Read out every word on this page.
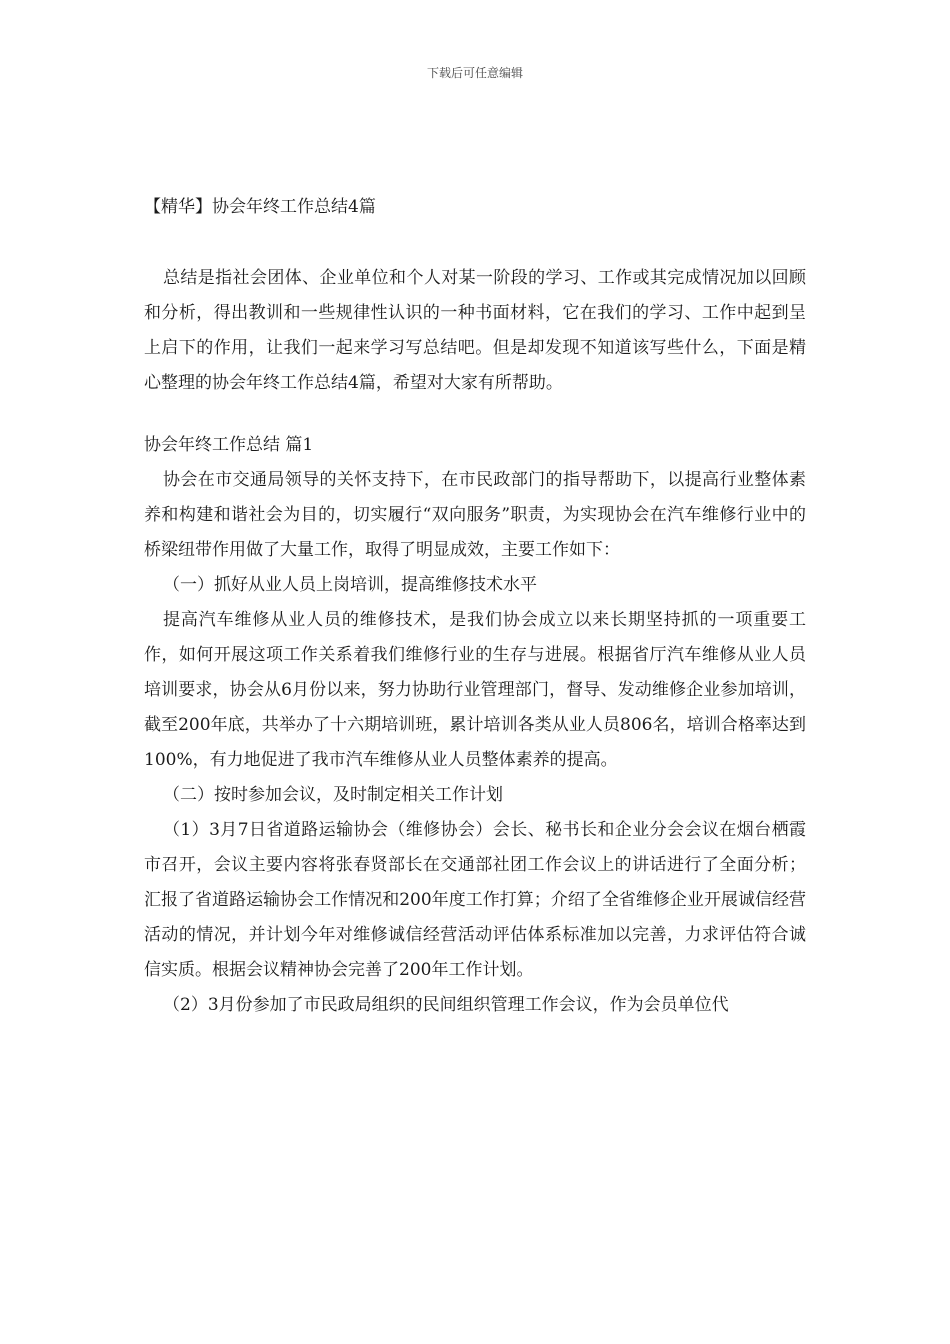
下载后可任意编辑
【精华】协会年终工作总结4篇

总结是指社会团体、企业单位和个人对某一阶段的学习、工作或其完成情况加以回顾和分析，得出教训和一些规律性认识的一种书面材料，它在我们的学习、工作中起到呈上启下的作用，让我们一起来学习写总结吧。但是却发现不知道该写些什么，下面是精心整理的协会年终工作总结4篇，希望对大家有所帮助。

协会年终工作总结 篇1

协会在市交通局领导的关怀支持下，在市民政部门的指导帮助下，以提高行业整体素养和构建和谐社会为目的，切实履行“双向服务”职责，为实现协会在汽车维修行业中的桥梁纽带作用做了大量工作，取得了明显成效，主要工作如下：

（一）抓好从业人员上岗培训，提高维修技术水平

提高汽车维修从业人员的维修技术，是我们协会成立以来长期坚持抓的一项重要工作，如何开展这项工作关系着我们维修行业的生存与进展。根据省厅汽车维修从业人员培训要求，协会从6月份以来，努力协助行业管理部门，督导、发动维修企业参加培训，截至200年底，共举办了十六期培训班，累计培训各类从业人员806名，培训合格率达到100%，有力地促进了我市汽车维修从业人员整体素养的提高。

（二）按时参加会议，及时制定相关工作计划

（1）3月7日省道路运输协会（维修协会）会长、秘书长和企业分会会议在烟台栖霞市召开，会议主要内容将张春贤部长在交通部社团工作会议上的讲话进行了全面分析；汇报了省道路运输协会工作情况和200年度工作打算；介绍了全省维修企业开展诚信经营活动的情况，并计划今年对维修诚信经营活动评估体系标准加以完善，力求评估符合诚信实质。根据会议精神协会完善了200年工作计划。

（2）3月份参加了市民政局组织的民间组织管理工作会议，作为会员单位代
